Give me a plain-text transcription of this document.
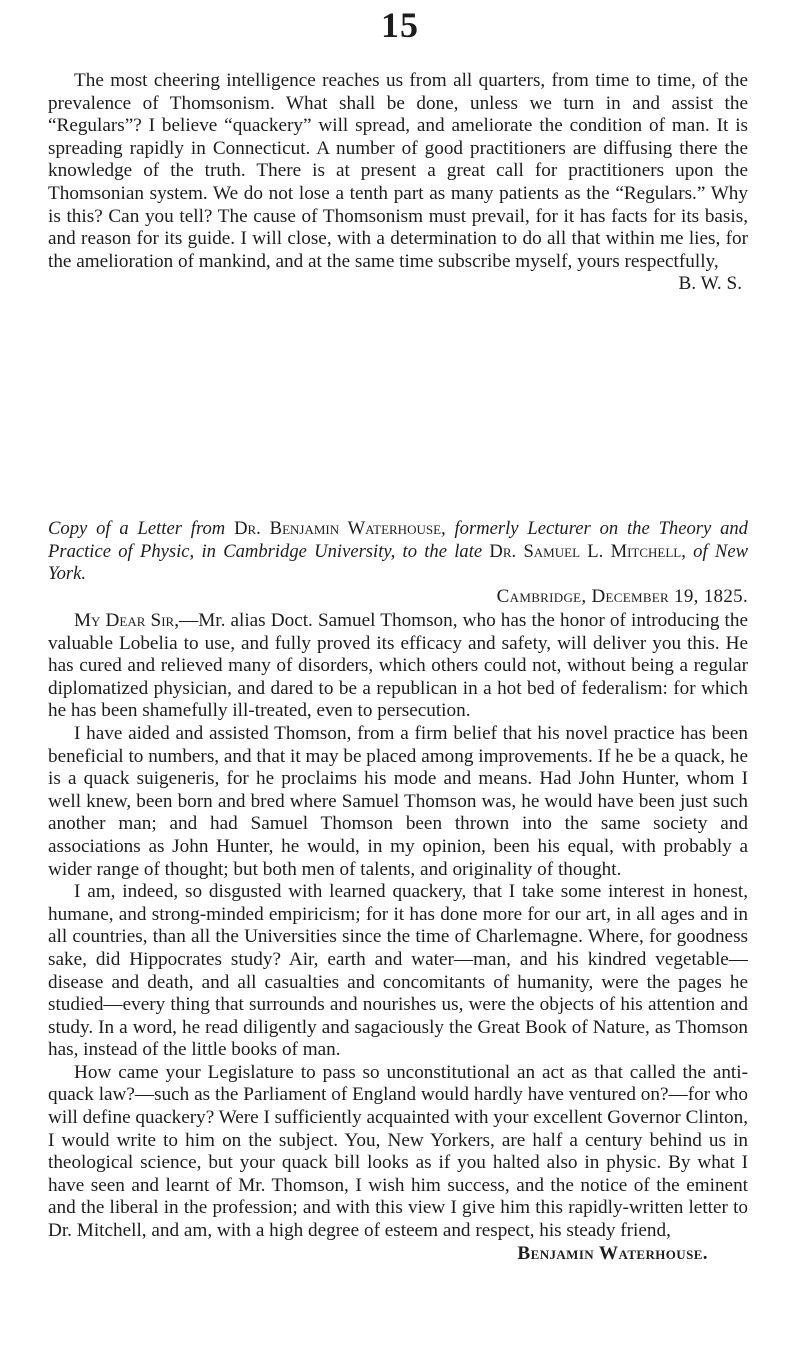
15

The most cheering intelligence reaches us from all quarters, from time to time, of the prevalence of Thomsonism. What shall be done, unless we turn in and assist the “Regulars”? I believe “quackery” will spread, and ameliorate the condition of man. It is spreading rapidly in Connecticut. A number of good practitioners are diffusing there the knowledge of the truth. There is at present a great call for practitioners upon the Thomsonian system. We do not lose a tenth part as many patients as the “Regulars.” Why is this? Can you tell? The cause of Thomsonism must prevail, for it has facts for its basis, and reason for its guide. I will close, with a determination to do all that within me lies, for the amelioration of mankind, and at the same time subscribe myself, yours respectfully,

B. W. S.

Copy of a Letter from Dr. Benjamin Waterhouse, formerly Lecturer on the Theory and Practice of Physic, in Cambridge University, to the late Dr. Samuel L. Mitchell, of New York.
Cambridge, December 19, 1825.

My Dear Sir,—Mr. alias Doct. Samuel Thomson, who has the honor of introducing the valuable Lobelia to use, and fully proved its efficacy and safety, will deliver you this. He has cured and relieved many of disorders, which others could not, without being a regular diplomatized physician, and dared to be a republican in a hot bed of federalism: for which he has been shamefully ill-treated, even to persecution.

I have aided and assisted Thomson, from a firm belief that his novel practice has been beneficial to numbers, and that it may be placed among improvements. If he be a quack, he is a quack suigeneris, for he proclaims his mode and means. Had John Hunter, whom I well knew, been born and bred where Samuel Thomson was, he would have been just such another man; and had Samuel Thomson been thrown into the same society and associations as John Hunter, he would, in my opinion, been his equal, with probably a wider range of thought; but both men of talents, and originality of thought.

I am, indeed, so disgusted with learned quackery, that I take some interest in honest, humane, and strong-minded empiricism; for it has done more for our art, in all ages and in all countries, than all the Universities since the time of Charlemagne. Where, for goodness sake, did Hippocrates study? Air, earth and water—man, and his kindred vegetable—disease and death, and all casualties and concomitants of humanity, were the pages he studied—every thing that surrounds and nourishes us, were the objects of his attention and study. In a word, he read diligently and sagaciously the Great Book of Nature, as Thomson has, instead of the little books of man.

How came your Legislature to pass so unconstitutional an act as that called the anti-quack law?—such as the Parliament of England would hardly have ventured on?—for who will define quackery? Were I sufficiently acquainted with your excellent Governor Clinton, I would write to him on the subject. You, New Yorkers, are half a century behind us in theological science, but your quack bill looks as if you halted also in physic. By what I have seen and learnt of Mr. Thomson, I wish him success, and the notice of the eminent and the liberal in the profession; and with this view I give him this rapidly-written letter to Dr. Mitchell, and am, with a high degree of esteem and respect, his steady friend,

Benjamin Waterhouse.
